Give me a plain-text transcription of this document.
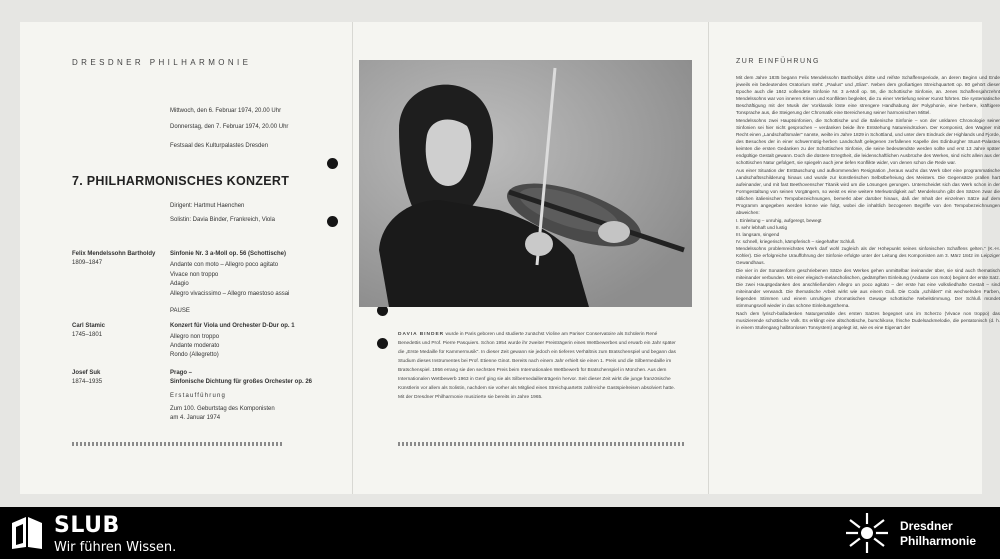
DRESDNER PHILHARMONIE
Mittwoch, den 6. Februar 1974, 20.00 Uhr
Donnerstag, den 7. Februar 1974, 20.00 Uhr
Festsaal des Kulturpalastes Dresden
7. PHILHARMONISCHES KONZERT
Dirigent: Hartmut Haenchen
Solistin: Davia Binder, Frankreich, Viola
Felix Mendelssohn Bartholdy
1809–1847
Sinfonie Nr. 3 a-Moll op. 56 (Schottische)
Andante con moto – Allegro poco agitato
Vivace non troppo
Adagio
Allegro vivacissimo – Allegro maestoso assai
PAUSE
Carl Stamic
1745–1801
Konzert für Viola und Orchester D-Dur op. 1
Allegro non troppo
Andante moderato
Rondo (Allegretto)
Josef Suk
1874–1935
Prago –
Sinfonische Dichtung für großes Orchester op. 26
Erstaufführung
Zum 100. Geburtstag des Komponisten
am 4. Januar 1974
DAVIA BINDER wurde in Paris geboren und studierte zunächst Violine am Pariser Conservatoire als Schülerin René Benedettis und Prof. Pierre Pasquiers. Schon 1954 wurde ihr zweiter Preisträgerin eines Wettbewerbes und erwarb ein Jahr später die „Erste Medaille für Kammermusik". In dieser Zeit gewann sie jedoch ein tieferes Verhältnis zum Bratschenspiel und begann das Studium dieses Instrumentes bei Prof. Etienne Ginot. Bereits nach einem Jahr erhielt sie einen 1. Preis und die Silbermedaille im Bratschenspiel. 1956 errang sie den sechsten Preis beim Internationalen Wettbewerb für Bratschenspiel in München. Aus dem Internationalen Wettbewerb 1963 in Genf ging sie als Silbermedaillenträgerin hervor. Seit dieser Zeit wirkt die junge französische Künstlerin vor allem als Solistin, nachdem sie vorher als Mitglied eines Streichquartetts zahlreiche Gastspielreisen absolviert hatte. Mit der Dresdner Philharmonie musizierte sie bereits im Jahre 1965.
ZUR EINFÜHRUNG

Mit dem Jahre 1835 begann Felix Mendelssohn Bartholdys dritte und reifste Schaffensperiode, an deren Beginn und Ende jeweils ein bedeutendes Oratorium steht: „Paulus" und „Elias". Neben dem großartigen Streichquartett op. 80 gehört dieser Epoche auch die 1842 vollendete Sinfonie Nr. 3 a-Moll op. 56, die Schottische Sinfonie, an. Jenes Schaffensjahrzehnt Mendelssohns war von inneren Krisen und Konflikten begleitet, die zu einer Vertiefung seiner Kunst führten. Die systematische Beschäftigung mit der Musik der Vorklassik löste eine strengere Handhabung der Polyphonie, eine herbere, kräftigere Tonsprache aus, die Steigerung der Chromatik eine Bereicherung seiner harmonischen Mittel.

Mendelssohns zwei Hauptsinfonien, die Schottische und die Italienische Sinfonie – von der unklaren Chronologie seiner Sinfonien sei hier nicht gesprochen – verdanken beide ihre Entstehung Natureindrücken. Der Komponist, den Wagner mit Recht einen „Landschaftsmaler" nannte, weilte im Jahre 1829 in Schottland, und unter dem Eindruck der Highlands und Fjorde, des Besuches der in einer schwermütig-herben Landschaft gelegenen zerfallenen Kapelle des Edinburgher Stuart-Palastes keimten die ersten Gedanken zu der Schottischen Sinfonie, die seine bedeutendste werden sollte und erst 13 Jahre später endgültige Gestalt gewann. Doch die düstere Erregtheit, die leidenschaftlichen Ausbrüche des Werkes, sind nicht allein aus der schottischen Natur gefolgert, sie spiegeln auch jene tiefen Konflikte wider, von denen schon die Rede war.

Aus einer Situation der Enttäuschung und aufkommenden Resignation „heraus wuchs das Werk über eine programmatische Landschaftsschilderung hinaus und wurde zur künstlerischen Selbstbefreiung des Meisters. Die Gegensätze prallen hart aufeinander, und mit fast Beethovenscher Titanik wird um die Lösungen gerungen. Unterscheidet sich das Werk schon in der Formgestaltung von seinen Vorgängern, so weist es eine weitere Merkwürdigkeit auf: Mendelssohn gibt den Sätzen zwar die üblichen italienischen Tempobezeichnungen, bemerkt aber darüber hinaus, daß der Inhalt der einzelnen Sätze auf dem Programm angegeben werden könne wie folgt, wobei die inhaltlich bezogenen Begriffe von den Tempobezeichnungen abweichen:

I. Einleitung – unruhig, aufgeregt, bewegt

II. sehr lebhaft und lustig

III. langsam, singend

IV. schnell, kriegerisch, kämpferisch – siegehafter Schluß

Mendelssohns problemreichstes Werk darf wohl zugleich als der Höhepunkt seines sinfonischen Schaffens gelten." (K.-H. Köhler). Die erfolgreiche Uraufführung der Sinfonie erfolgte unter der Leitung des Komponisten am 3. März 1842 im Leipziger Gewandhaus.

Die vier in der Sonatenform geschriebenen Sätze des Werkes gehen unmittelbar ineinander über, sie sind auch thematisch miteinander verbunden. Mit einer elegisch-melancholischen, gedämpften Einleitung (Andante con moto) beginnt der erste Satz. Die zwei Hauptgedanken des anschließenden Allegro un poco agitato – der erste hat eine volksliedhafte Gestalt – sind miteinander verwandt. Die thematische Arbeit wirkt wie aus einem Guß. Die Coda „schildert" mit wechselnden Farben, liegenden Stimmen und einem unruhigen chromatischen Gewoge schottische Nebelstimmung. Der Schluß mündet stimmungsvoll wieder in das schöne Einleitungsthema.

Nach dem lyrisch-balladesken Naturgemälde des ersten Satzes begegnet uns im Scherzo (Vivace non troppo) das musizierende schottische Volk. Es erklingt eine altschottische, burschikose, frische Dudelsackmelodie, die pentatonisch (d. h. in einem Stufengang halbtonlosen Tonsystem) angelegt ist, wie es eine Eigenart der

SLUB
Wir führen Wissen.
Dresdner
Philharmonie
